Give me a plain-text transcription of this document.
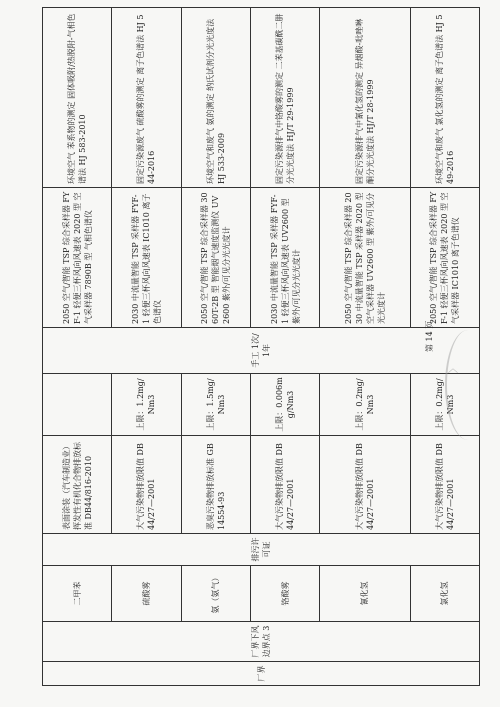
厂界	厂界下风边界点 3	二甲苯	排污许可证	表面涂装（汽车制造业）挥发性有机化合物排放标准 DB44/816-2010		手工 1次/1年	2050 空气/智能 TSP 综合采样器 FYF-1 轻便三杯风向风速表 2020 型 空气采样器 7890B 型 气相色谱仪	环境空气 苯系物的测定 固体吸附/热脱附-气相色谱法 HJ 583-2010
		硫酸雾		大气污染物排放限值 DB44/27—2001	上限：1.2mg/Nm3		2030 中流量智能 TSP 采样器 FYF-1 轻便三杯风向风速表 IC1010 离子色谱仪	固定污染源废气 硫酸雾的测定 离子色谱法 HJ 544-2016
		氨（氨气）		恶臭污染物排放标准 GB 14554-93	上限：1.5mg/Nm3		2050 空气/智能 TSP 综合采样器 3060T-2B 型 智能烟气速度监测仪 UV2600 紫外/可见分光光度计	环境空气和废气 氨的测定 纳氏试剂分光光度法 HJ 533-2009
		铬酸雾		大气污染物排放限值 DB44/27—2001	上限：0.006mg/Nm3		2030 中流量智能 TSP 采样器 FYF-1 轻便三杯风向风速表 UV2600 型 紫外/可见分光光度计	固定污染源排气中铬酸雾的测定 二苯基碳酰二肼分光光度法 HJ/T 29-1999
		氰化氢		大气污染物排放限值 DB44/27—2001	上限：0.2mg/Nm3		2050 空气/智能 TSP 综合采样器 2030 中流量智能 TSP 采样器 2020 型 空气采样器 UV2600 型 紫外/可见分光光度计	固定污染源排气中氰化氢的测定 异烟酸-吡唑啉酮分光光度法 HJ/T 28-1999
		氯化氢		大气污染物排放限值 DB44/27—2001	上限：0.2mg/Nm3		2050 空气/智能 TSP 综合采样器 FYF-1 轻便三杯风向风速表 2020 型 空气采样器 IC1010 离子色谱仪	环境空气和废气 氯化氢的测定 离子色谱法 HJ 549-2016
第 14 页
︿
